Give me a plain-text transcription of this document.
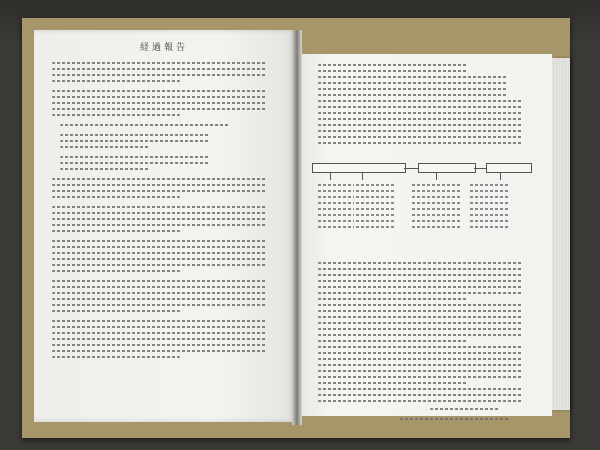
経過報告
